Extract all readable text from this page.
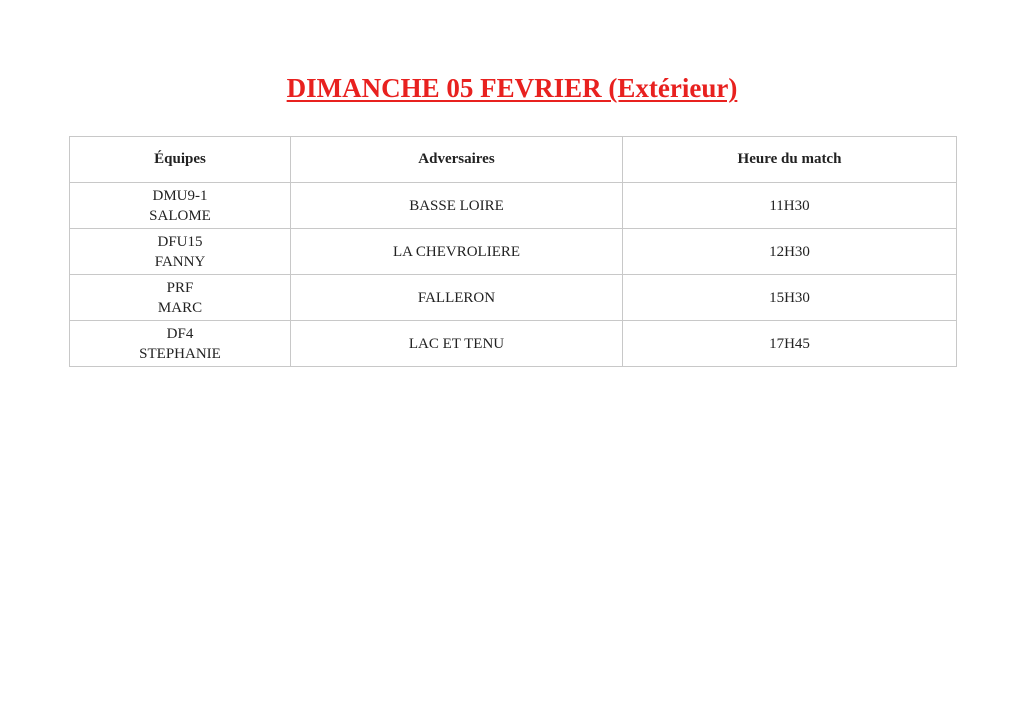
DIMANCHE 05 FEVRIER (Extérieur)
Équipes	Adversaires	Heure du match

DMU9-1
SALOME	BASSE LOIRE	11H30

DFU15
FANNY	LA CHEVROLIERE	12H30

PRF
MARC	FALLERON	15H30

DF4
STEPHANIE	LAC ET TENU	17H45
